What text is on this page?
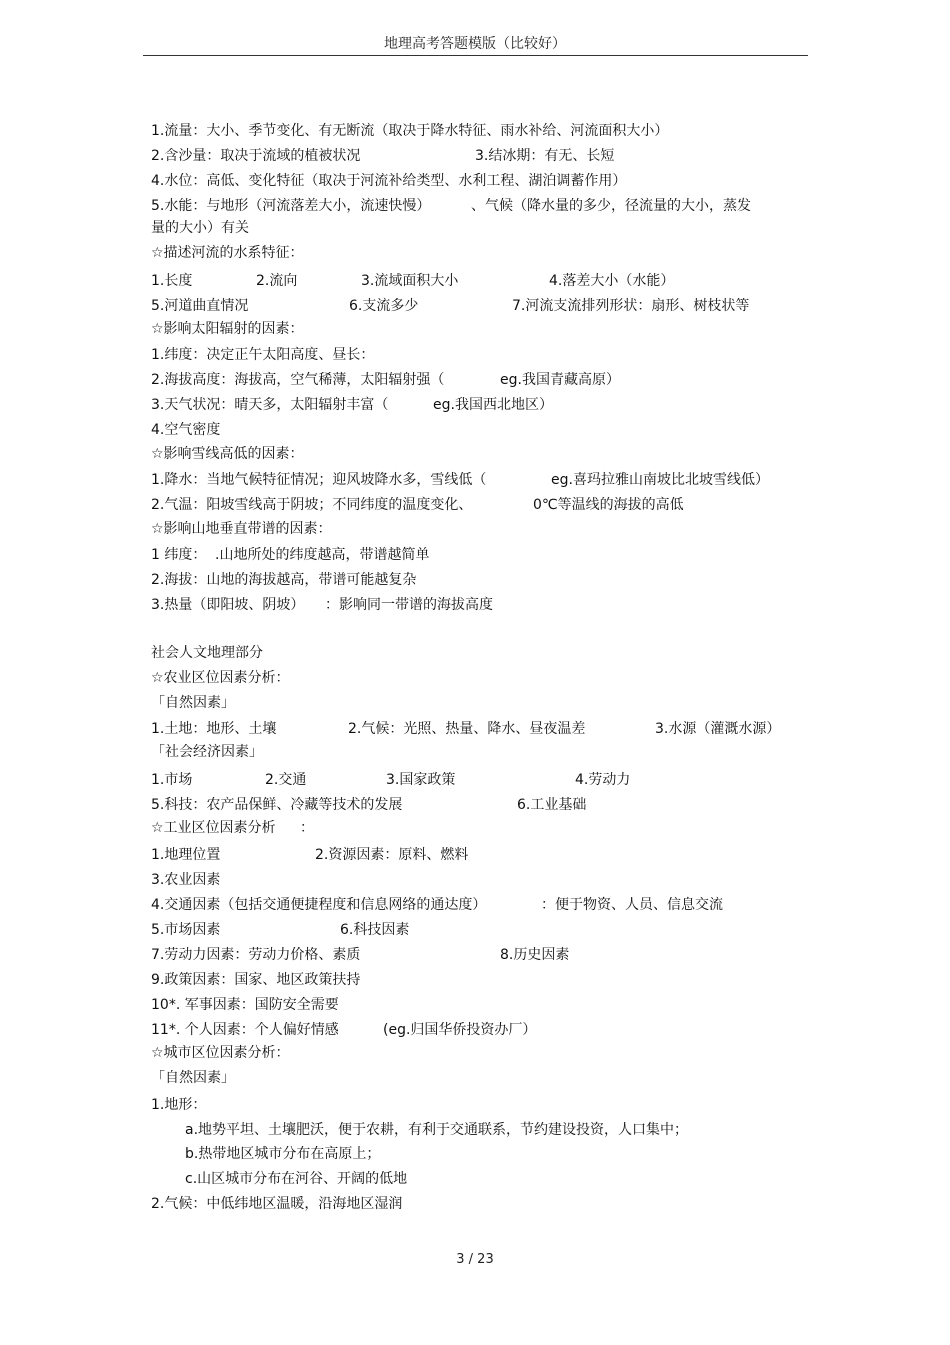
地理高考答题模版（比较好）
1.流量：大小、季节变化、有无断流（取决于降水特征、雨水补给、河流面积大小）
2.含沙量：取决于流域的植被状况	3.结冰期：有无、长短
4.水位：高低、变化特征（取决于河流补给类型、水利工程、湖泊调蓄作用）
5.水能：与地形（河流落差大小，流速快慢）	、气候（降水量的多少，径流量的大小，蒸发
量的大小）有关
☆描述河流的水系特征：
1.长度	2.流向	3.流域面积大小	4.落差大小（水能）
5.河道曲直情况	6.支流多少	7.河流支流排列形状：扇形、树枝状等
☆影响太阳辐射的因素：
1.纬度：决定正午太阳高度、昼长：
2.海拔高度：海拔高，空气稀薄，太阳辐射强（	eg.我国青藏高原）
3.天气状况：晴天多，太阳辐射丰富（	eg.我国西北地区）
4.空气密度
☆影响雪线高低的因素：
1.降水：当地气候特征情况；迎风坡降水多，雪线低（	eg.喜玛拉雅山南坡比北坡雪线低）
2.气温：阳坡雪线高于阴坡；不同纬度的温度变化、	0℃等温线的海拔的高低
☆影响山地垂直带谱的因素：
1 纬度： .山地所处的纬度越高，带谱越简单
2.海拔：山地的海拔越高，带谱可能越复杂
3.热量（即阳坡、阴坡） ：影响同一带谱的海拔高度
社会人文地理部分
☆农业区位因素分析：
「自然因素」
1.土地：地形、土壤	2.气候：光照、热量、降水、昼夜温差	3.水源（灌溉水源）
「社会经济因素」
1.市场	2.交通	3.国家政策	4.劳动力
5.科技：农产品保鲜、冷藏等技术的发展	6.工业基础
☆工业区位因素分析 ：
1.地理位置	2.资源因素：原料、燃料
3.农业因素
4.交通因素（包括交通便捷程度和信息网络的通达度）	：便于物资、人员、信息交流
5.市场因素	6.科技因素
7.劳动力因素：劳动力价格、素质	8.历史因素
9.政策因素：国家、地区政策扶持
10*. 军事因素：国防安全需要
11*. 个人因素：个人偏好情感	(eg.归国华侨投资办厂）
☆城市区位因素分析：
「自然因素」
1.地形：
a.地势平坦、土壤肥沃，便于农耕，有利于交通联系，节约建设投资，人口集中；
b.热带地区城市分布在高原上；
c.山区城市分布在河谷、开阔的低地
2.气候：中低纬地区温暖，沿海地区湿润
3 / 23
